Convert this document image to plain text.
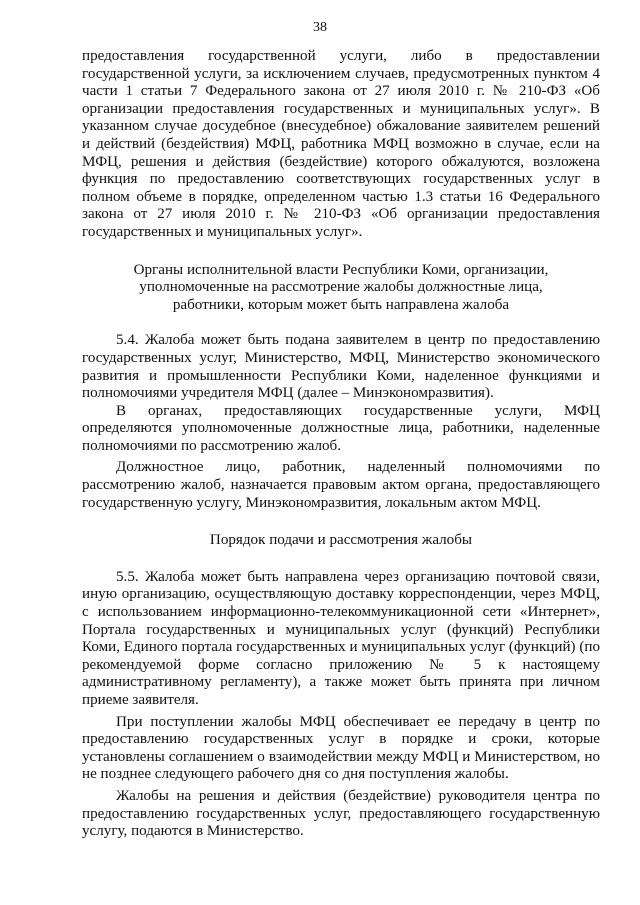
38

предоставления государственной услуги, либо в предоставлении государственной услуги, за исключением случаев, предусмотренных пунктом 4 части 1 статьи 7 Федерального закона от 27 июля 2010 г. № 210-ФЗ «Об организации предоставления государственных и муниципальных услуг». В указанном случае досудебное (внесудебное) обжалование заявителем решений и действий (бездействия) МФЦ, работника МФЦ возможно в случае, если на МФЦ, решения и действия (бездействие) которого обжалуются, возложена функция по предоставлению соответствующих государственных услуг в полном объеме в порядке, определенном частью 1.3 статьи 16 Федерального закона от 27 июля 2010 г. № 210-ФЗ «Об организации предоставления государственных и муниципальных услуг».

Органы исполнительной власти Республики Коми, организации,
уполномоченные на рассмотрение жалобы должностные лица,
работники, которым может быть направлена жалоба

5.4. Жалоба может быть подана заявителем в центр по предоставлению государственных услуг, Министерство, МФЦ, Министерство экономического развития и промышленности Республики Коми, наделенное функциями и полномочиями учредителя МФЦ (далее – Минэкономразвития).

В органах, предоставляющих государственные услуги, МФЦ определяются уполномоченные должностные лица, работники, наделенные полномочиями по рассмотрению жалоб.

Должностное лицо, работник, наделенный полномочиями по рассмотрению жалоб, назначается правовым актом органа, предоставляющего государственную услугу, Минэкономразвития, локальным актом МФЦ.

Порядок подачи и рассмотрения жалобы

5.5. Жалоба может быть направлена через организацию почтовой связи, иную организацию, осуществляющую доставку корреспонденции, через МФЦ, с использованием информационно-телекоммуникационной сети «Интернет», Портала государственных и муниципальных услуг (функций) Республики Коми, Единого портала государственных и муниципальных услуг (функций) (по рекомендуемой форме согласно приложению № 5 к настоящему административному регламенту), а также может быть принята при личном приеме заявителя.

При поступлении жалобы МФЦ обеспечивает ее передачу в центр по предоставлению государственных услуг в порядке и сроки, которые установлены соглашением о взаимодействии между МФЦ и Министерством, но не позднее следующего рабочего дня со дня поступления жалобы.

Жалобы на решения и действия (бездействие) руководителя центра по предоставлению государственных услуг, предоставляющего государственную услугу, подаются в Министерство.
